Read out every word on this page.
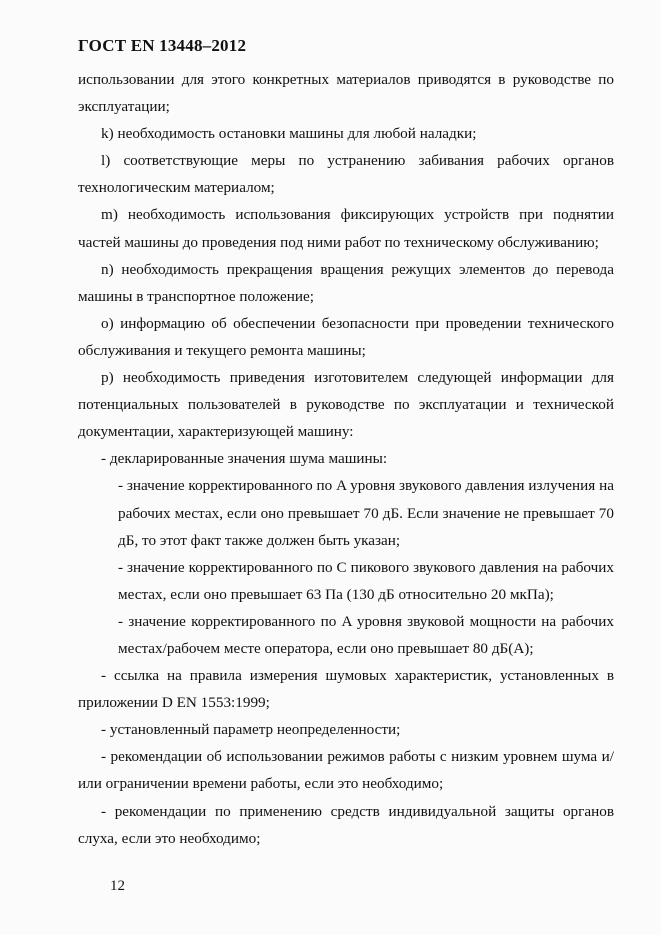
ГОСТ EN 13448–2012

использовании для этого конкретных материалов приводятся в руководстве по эксплуатации;

k) необходимость остановки машины для любой наладки;

l) соответствующие меры по устранению забивания рабочих органов технологическим материалом;

m) необходимость использования фиксирующих устройств при поднятии частей машины до проведения под ними работ по техническому обслуживанию;

n) необходимость прекращения вращения режущих элементов до перевода машины в транспортное положение;

o) информацию об обеспечении безопасности при проведении технического обслуживания и текущего ремонта машины;

p) необходимость приведения изготовителем следующей информации для потенциальных пользователей в руководстве по эксплуатации и технической документации, характеризующей машину:

- декларированные значения шума машины:

- значение корректированного по A уровня звукового давления излучения на рабочих местах, если оно превышает 70 дБ. Если значение не превышает 70 дБ, то этот факт также должен быть указан;

- значение корректированного по C пикового звукового давления на рабочих местах, если оно превышает 63 Па (130 дБ относительно 20 мкПа);

- значение корректированного по A уровня звуковой мощности на рабочих местах/рабочем месте оператора, если оно превышает 80 дБ(A);

- ссылка на правила измерения шумовых характеристик, установленных в приложении D EN 1553:1999;

- установленный параметр неопределенности;

- рекомендации об использовании режимов работы с низким уровнем шума и/или ограничении времени работы, если это необходимо;

- рекомендации по применению средств индивидуальной защиты органов слуха, если это необходимо;

12
